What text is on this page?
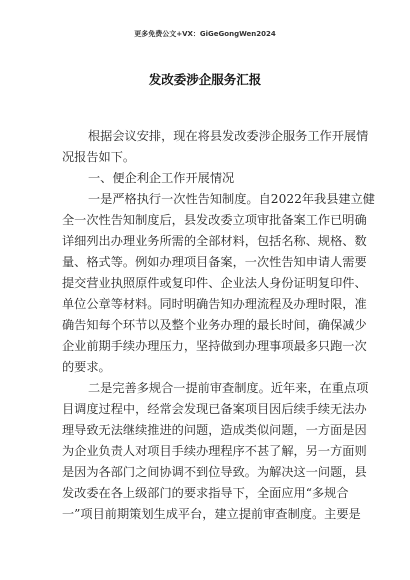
更多免费公文+VX：GiGeGongWen2024
发改委涉企服务汇报
根据会议安排，现在将县发改委涉企服务工作开展情
况报告如下。
一、便企利企工作开展情况
一是严格执行一次性告知制度。自2022年我县建立健
全一次性告知制度后，县发改委立项审批备案工作已明确
详细列出办理业务所需的全部材料，包括名称、规格、数
量、格式等。例如办理项目备案，一次性告知申请人需要
提交营业执照原件或复印件、企业法人身份证明复印件、
单位公章等材料。同时明确告知办理流程及办理时限，准
确告知每个环节以及整个业务办理的最长时间，确保减少
企业前期手续办理压力，坚持做到办理事项最多只跑一次
的要求。
二是完善多规合一提前审查制度。近年来，在重点项
目调度过程中，经常会发现已备案项目因后续手续无法办
理导致无法继续推进的问题，造成类似问题，一方面是因
为企业负责人对项目手续办理程序不甚了解，另一方面则
是因为各部门之间协调不到位导致。为解决这一问题，县
发改委在各上级部门的要求指导下，全面应用“多规合
一”项目前期策划生成平台，建立提前审查制度。主要是
